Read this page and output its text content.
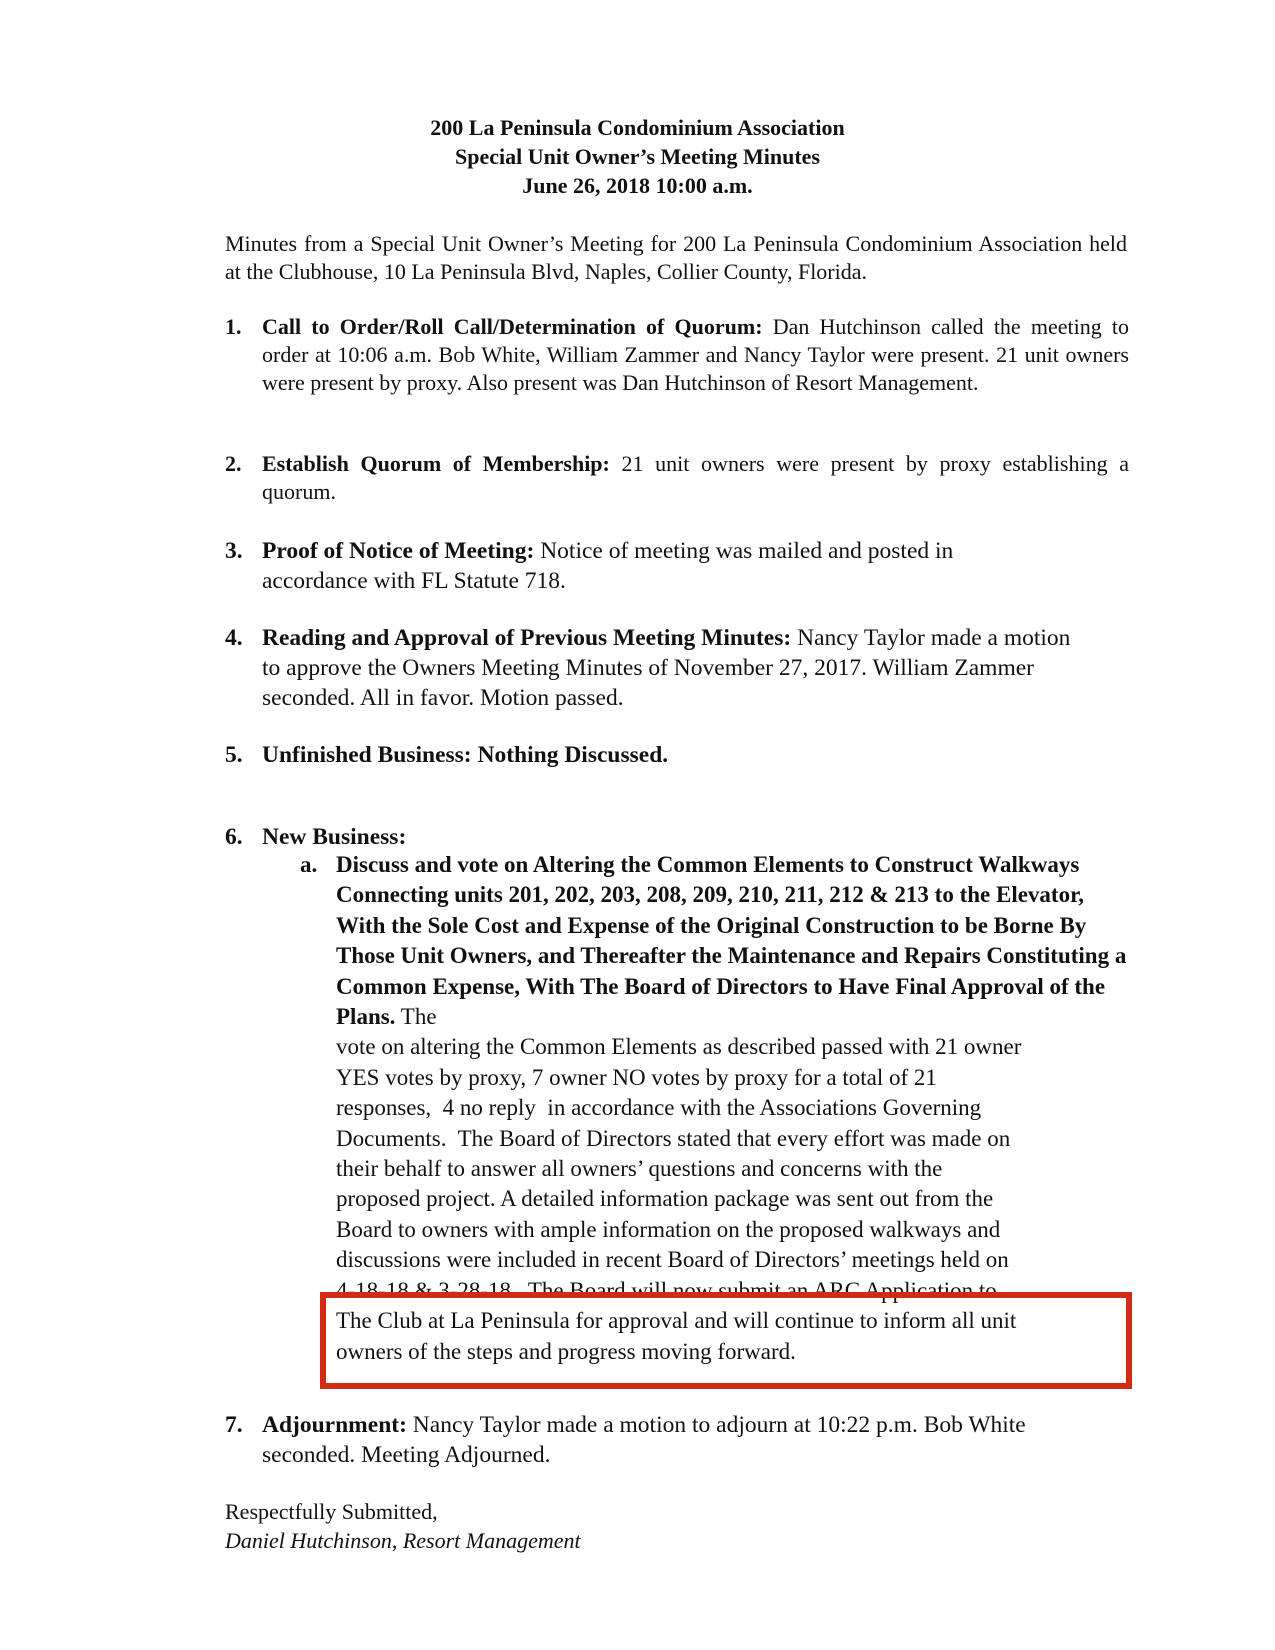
200 La Peninsula Condominium Association
Special Unit Owner’s Meeting Minutes
June 26, 2018 10:00 a.m.
Minutes from a Special Unit Owner’s Meeting for 200 La Peninsula Condominium Association held at the Clubhouse, 10 La Peninsula Blvd, Naples, Collier County, Florida.
1. Call to Order/Roll Call/Determination of Quorum: Dan Hutchinson called the meeting to order at 10:06 a.m. Bob White, William Zammer and Nancy Taylor were present. 21 unit owners were present by proxy. Also present was Dan Hutchinson of Resort Management.
2. Establish Quorum of Membership: 21 unit owners were present by proxy establishing a quorum.
3. Proof of Notice of Meeting: Notice of meeting was mailed and posted in accordance with FL Statute 718.
4. Reading and Approval of Previous Meeting Minutes: Nancy Taylor made a motion to approve the Owners Meeting Minutes of November 27, 2017. William Zammer seconded. All in favor. Motion passed.
5. Unfinished Business: Nothing Discussed.
6. New Business:
a. Discuss and vote on Altering the Common Elements to Construct Walkways Connecting units 201, 202, 203, 208, 209, 210, 211, 212 & 213 to the Elevator, With the Sole Cost and Expense of the Original Construction to be Borne By Those Unit Owners, and Thereafter the Maintenance and Repairs Constituting a Common Expense, With The Board of Directors to Have Final Approval of the Plans. The
vote on altering the Common Elements as described passed with 21 owner
YES votes by proxy, 7 owner NO votes by proxy for a total of 21
responses,  4 no reply  in accordance with the Associations Governing
Documents.  The Board of Directors stated that every effort was made on
their behalf to answer all owners’ questions and concerns with the
proposed project. A detailed information package was sent out from the
Board to owners with ample information on the proposed walkways and
discussions were included in recent Board of Directors’ meetings held on
4-18-18 & 3-28-18.  The Board will now submit an ARC Application to
The Club at La Peninsula for approval and will continue to inform all unit
owners of the steps and progress moving forward.
7. Adjournment: Nancy Taylor made a motion to adjourn at 10:22 p.m. Bob White seconded. Meeting Adjourned.
Respectfully Submitted,
Daniel Hutchinson, Resort Management
